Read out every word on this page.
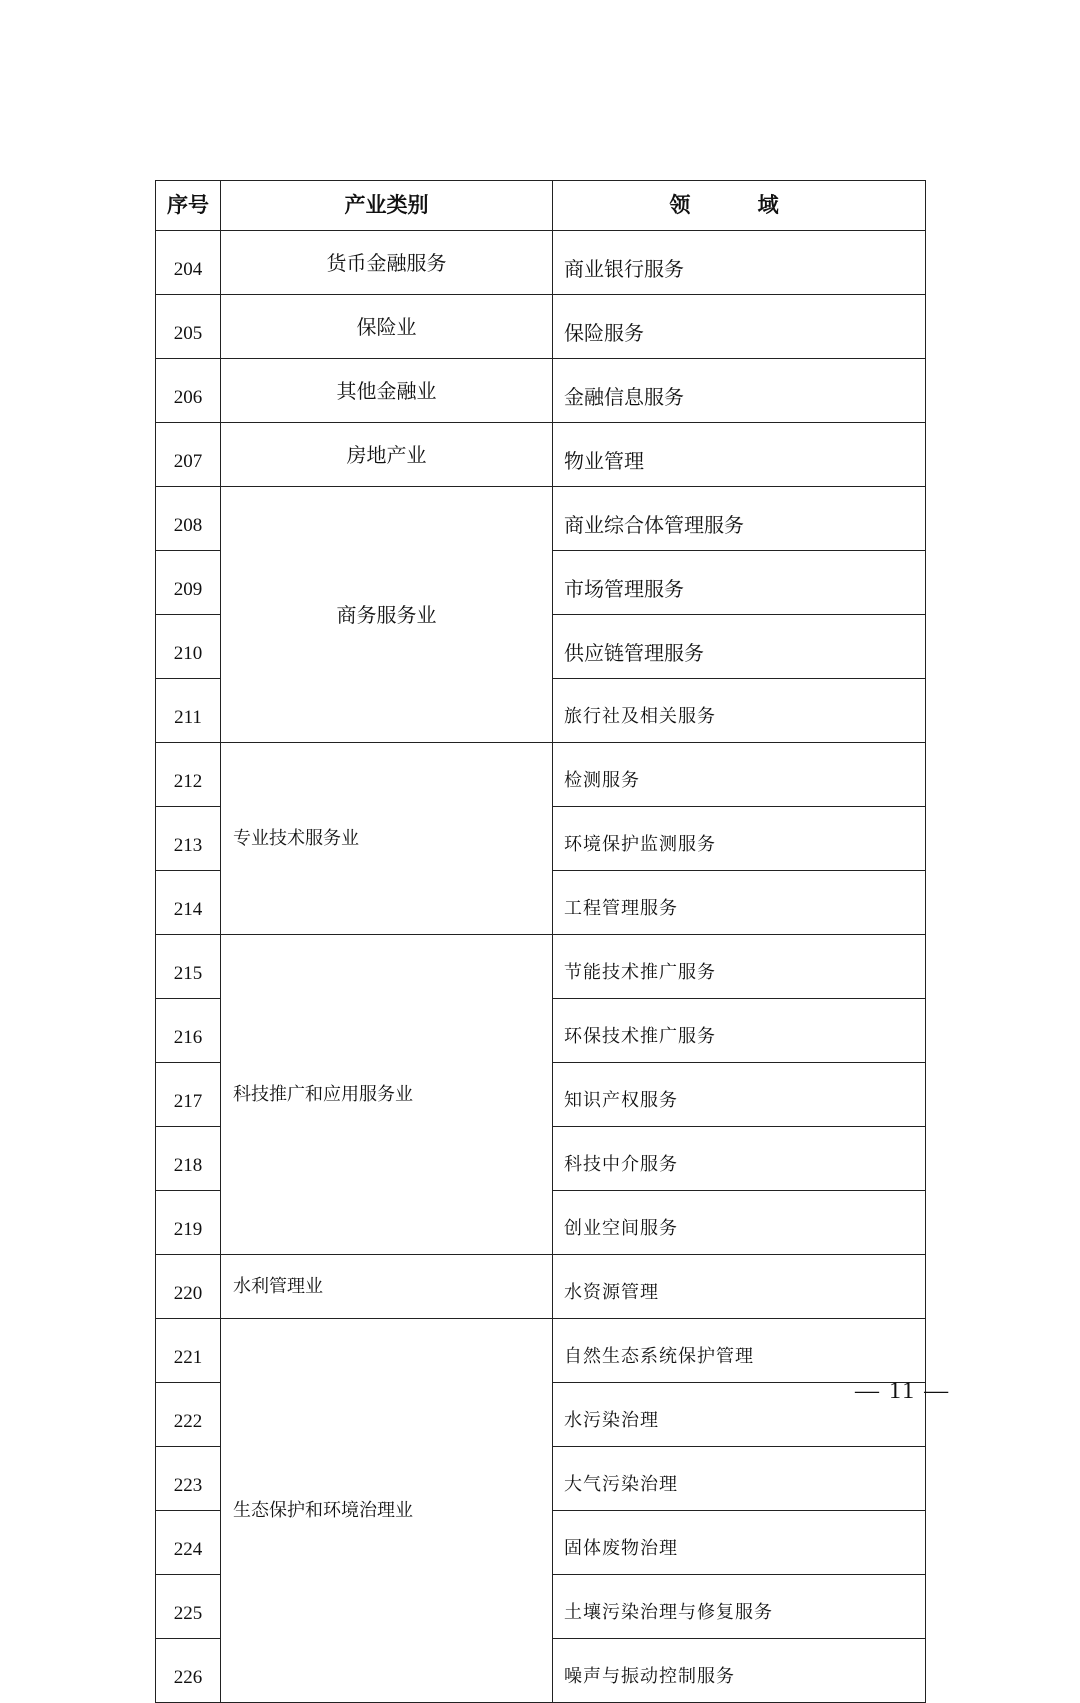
序号	产业类别	领 域
204	货币金融服务	商业银行服务
205	保险业	保险服务
206	其他金融业	金融信息服务
207	房地产业	物业管理
208	商务服务业	商业综合体管理服务
209		市场管理服务
210		供应链管理服务
211		旅行社及相关服务
212	专业技术服务业	检测服务
213		环境保护监测服务
214		工程管理服务
215	科技推广和应用服务业	节能技术推广服务
216		环保技术推广服务
217		知识产权服务
218		科技中介服务
219		创业空间服务
220	水利管理业	水资源管理
221	生态保护和环境治理业	自然生态系统保护管理
222		水污染治理
223		大气污染治理
224		固体废物治理
225		土壤污染治理与修复服务
226		噪声与振动控制服务
— 11 —
